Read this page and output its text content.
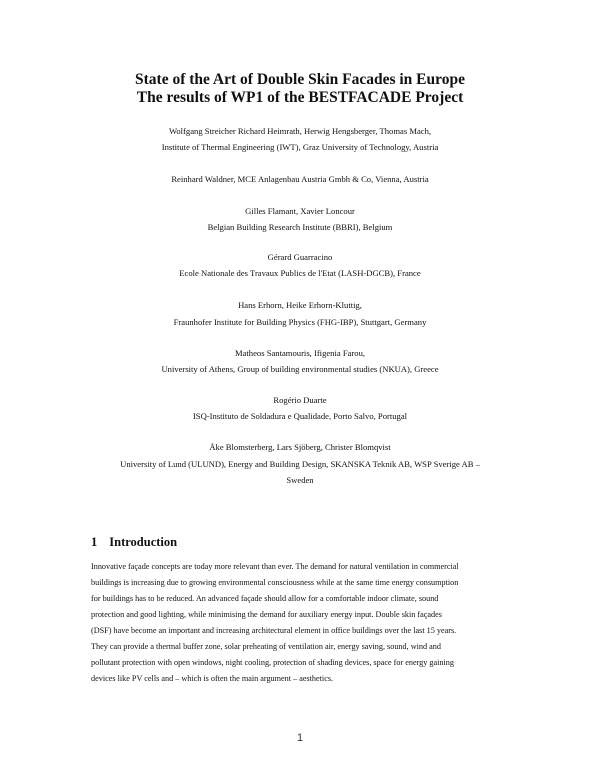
State of the Art of Double Skin Facades in Europe
The results of WP1 of the BESTFACADE Project
Wolfgang Streicher Richard Heimrath, Herwig Hengsberger, Thomas Mach,
Institute of Thermal Engineering (IWT), Graz University of Technology, Austria
Reinhard Waldner, MCE Anlagenbau Austria Gmbh & Co, Vienna, Austria
Gilles Flamant, Xavier Loncour
Belgian Building Research Institute (BBRI), Belgium
Gérard Guarracino
Ecole Nationale des Travaux Publics de l'Etat (LASH-DGCB), France
Hans Erhorn, Heike Erhorn-Kluttig,
Fraunhofer Institute for Building Physics (FHG-IBP), Stuttgart, Germany
Matheos Santamouris, Ifigenia Farou,
University of Athens, Group of building environmental studies (NKUA), Greece
Rogério Duarte
ISQ-Instituto de Soldadura e Qualidade, Porto Salvo, Portugal
Åke Blomsterberg, Lars Sjöberg, Christer Blomqvist
University of Lund (ULUND), Energy and Building Design, SKANSKA Teknik AB, WSP Sverige AB –
Sweden
1 Introduction
Innovative façade concepts are today more relevant than ever. The demand for natural ventilation in commercial
buildings is increasing due to growing environmental consciousness while at the same time energy consumption
for buildings has to be reduced. An advanced façade should allow for a comfortable indoor climate, sound
protection and good lighting, while minimising the demand for auxiliary energy input. Double skin façades
(DSF) have become an important and increasing architectural element in office buildings over the last 15 years.
They can provide a thermal buffer zone, solar preheating of ventilation air, energy saving, sound, wind and
pollutant protection with open windows, night cooling, protection of shading devices, space for energy gaining
devices like PV cells and – which is often the main argument – aesthetics.
1
